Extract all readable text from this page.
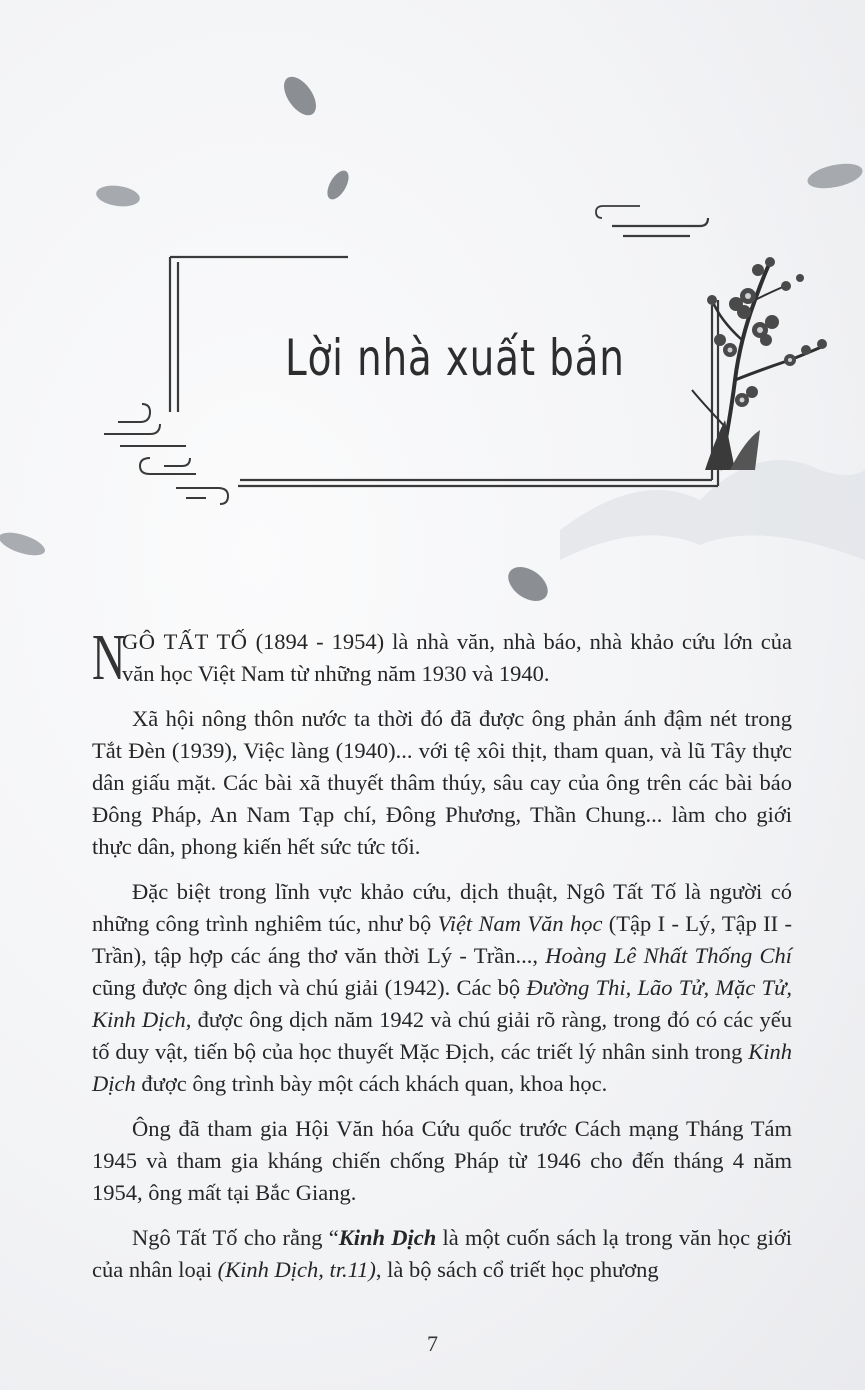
Lời nhà xuất bản

N
GÔ TẤT TỐ (1894 - 1954) là nhà văn, nhà báo, nhà khảo cứu lớn của văn học Việt Nam từ những năm 1930 và 1940.

Xã hội nông thôn nước ta thời đó đã được ông phản ánh đậm nét trong Tắt Đèn (1939), Việc làng (1940)... với tệ xôi thịt, tham quan, và lũ Tây thực dân giấu mặt. Các bài xã thuyết thâm thúy, sâu cay của ông trên các bài báo Đông Pháp, An Nam Tạp chí, Đông Phương, Thần Chung... làm cho giới thực dân, phong kiến hết sức tức tối.

Đặc biệt trong lĩnh vực khảo cứu, dịch thuật, Ngô Tất Tố là người có những công trình nghiêm túc, như bộ Việt Nam Văn học (Tập I - Lý, Tập II - Trần), tập hợp các áng thơ văn thời Lý - Trần..., Hoàng Lê Nhất Thống Chí cũng được ông dịch và chú giải (1942). Các bộ Đường Thi, Lão Tử, Mặc Tử, Kinh Dịch, được ông dịch năm 1942 và chú giải rõ ràng, trong đó có các yếu tố duy vật, tiến bộ của học thuyết Mặc Địch, các triết lý nhân sinh trong Kinh Dịch được ông trình bày một cách khách quan, khoa học.

Ông đã tham gia Hội Văn hóa Cứu quốc trước Cách mạng Tháng Tám 1945 và tham gia kháng chiến chống Pháp từ 1946 cho đến tháng 4 năm 1954, ông mất tại Bắc Giang.

Ngô Tất Tố cho rằng “Kinh Dịch là một cuốn sách lạ trong văn học giới của nhân loại (Kinh Dịch, tr.11), là bộ sách cổ triết học phương

7
